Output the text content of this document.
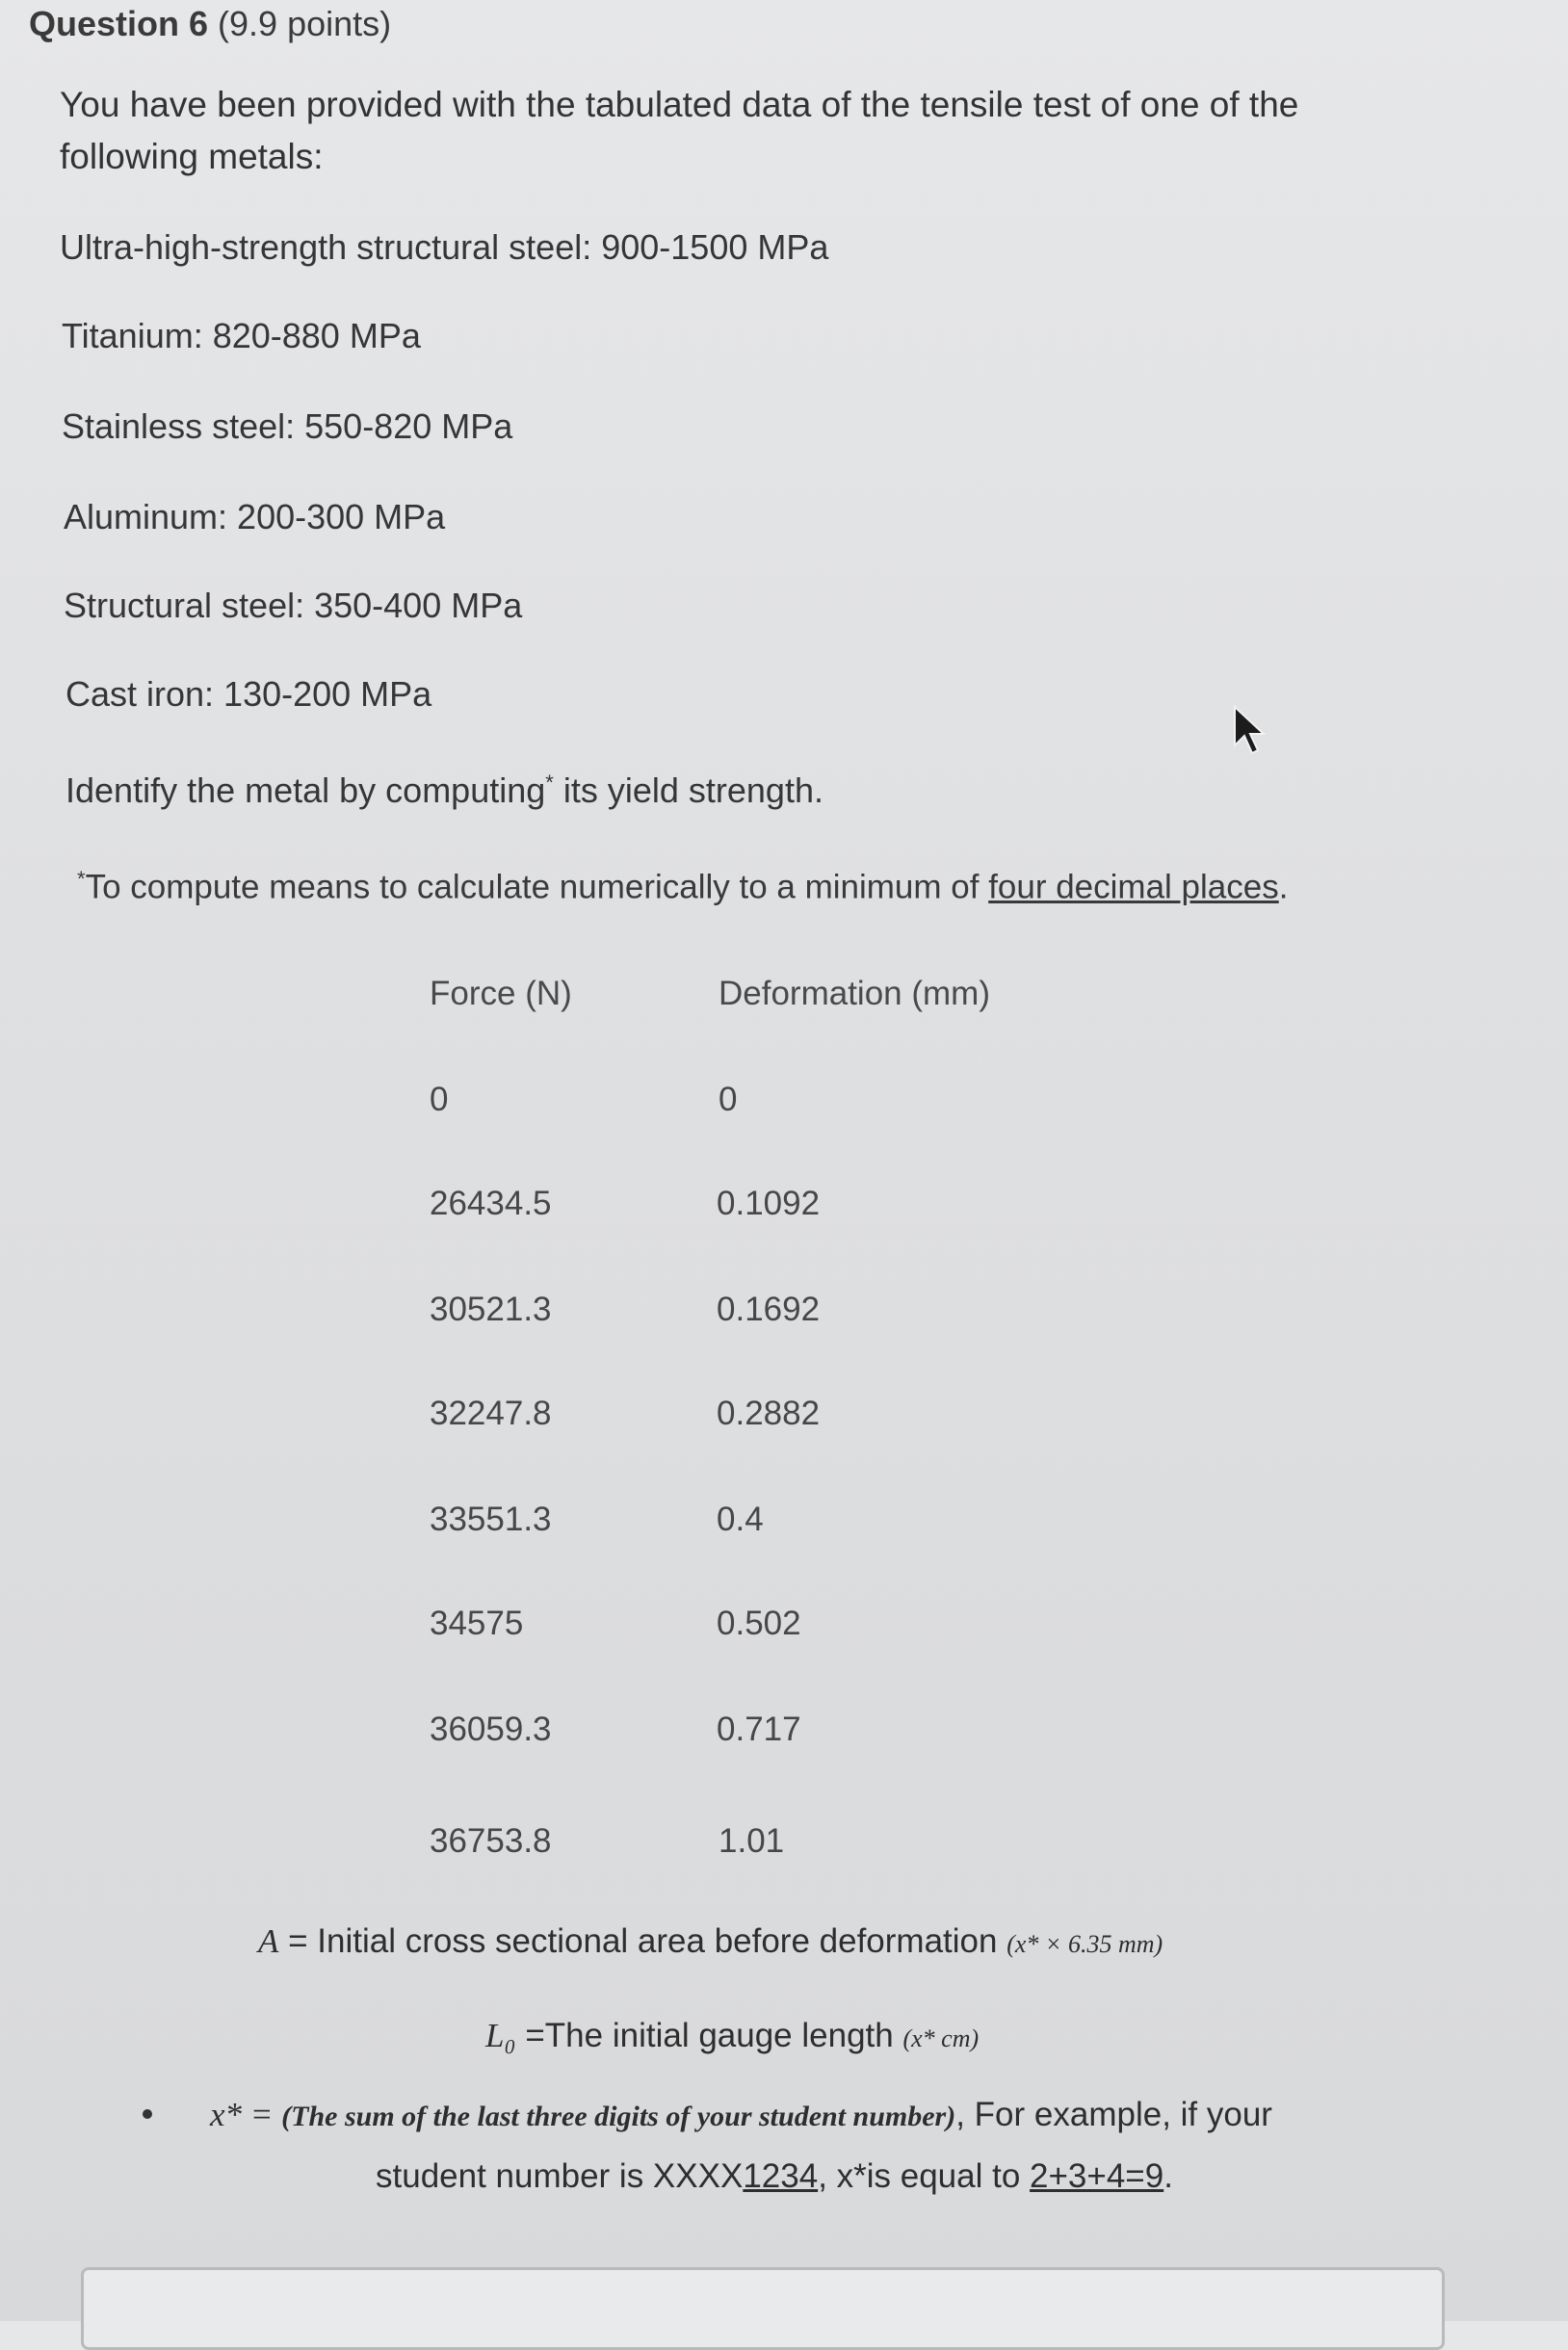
Question 6 (9.9 points)
You have been provided with the tabulated data of the tensile test of one of the following metals:
Ultra-high-strength structural steel: 900-1500 MPa
Titanium: 820-880 MPa
Stainless steel: 550-820 MPa
Aluminum: 200-300 MPa
Structural steel: 350-400 MPa
Cast iron: 130-200 MPa
Identify the metal by computing* its yield strength.
*To compute means to calculate numerically to a minimum of four decimal places.
Force (N)	Deformation (mm)
0	0
26434.5	0.1092
30521.3	0.1692
32247.8	0.2882
33551.3	0.4
34575	0.502
36059.3	0.717
36753.8	1.01
A = Initial cross sectional area before deformation (x* × 6.35 mm)
L₀ =The initial gauge length (x* cm)
x* = (The sum of the last three digits of your student number), For example, if your
student number is XXXX1234, x*is equal to 2+3+4=9.
